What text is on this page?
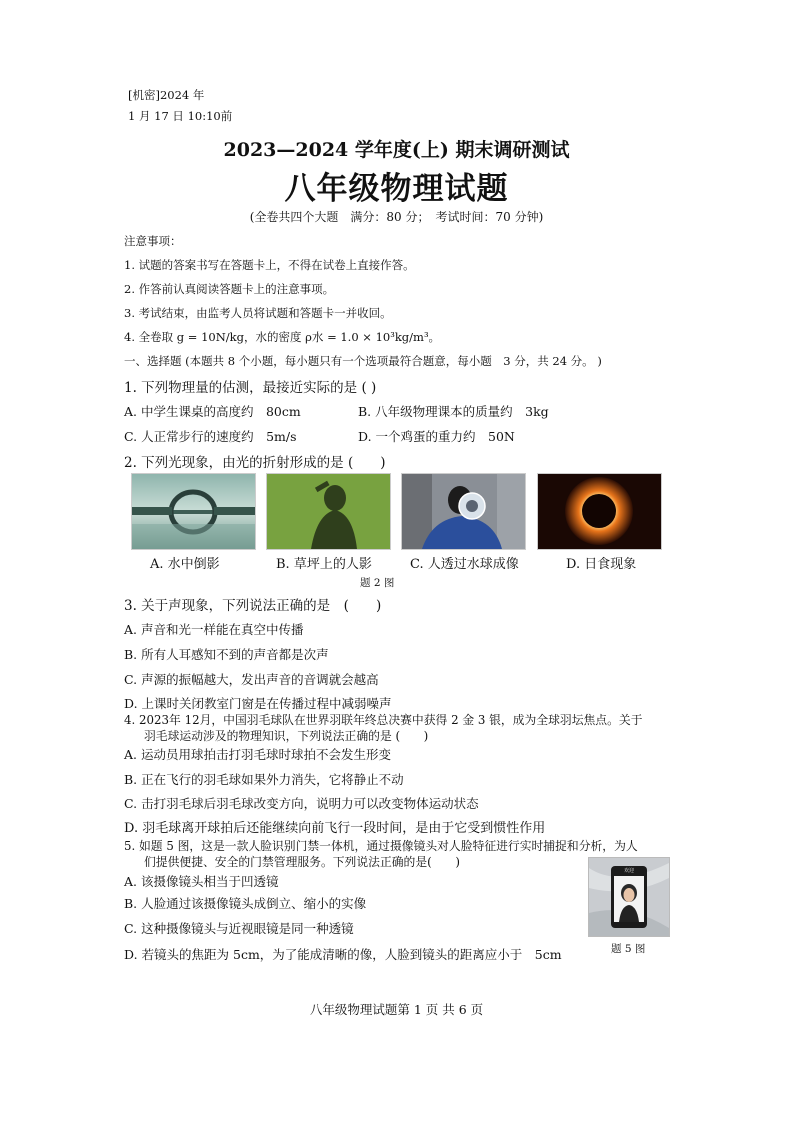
[机密]2024 年
1 月 17 日 10:10前
2023—2024 学年度(上) 期末调研测试
八年级物理试题
(全卷共四个大题　满分：80 分；　考试时间：70 分钟)
注意事项：
1. 试题的答案书写在答题卡上，不得在试卷上直接作答。
2. 作答前认真阅读答题卡上的注意事项。
3. 考试结束，由监考人员将试题和答题卡一并收回。
4. 全卷取 g = 10N/kg，水的密度 ρ水 = 1.0 × 10³kg/m³。
一、选择题 (本题共 8 个小题，每小题只有一个选项最符合题意，每小题　3 分，共 24 分。 )
1. 下列物理量的估测，最接近实际的是 ( )
A. 中学生课桌的高度约　80cm	B. 八年级物理课本的质量约　3kg
C. 人正常步行的速度约　5m/s	D. 一个鸡蛋的重力约　50N
2. 下列光现象，由光的折射形成的是 (　　)
A. 水中倒影	B. 草坪上的人影	C. 人透过水球成像	D. 日食现象
题 2 图
3. 关于声现象，下列说法正确的是　(　　)
A. 声音和光一样能在真空中传播
B. 所有人耳感知不到的声音都是次声
C. 声源的振幅越大，发出声音的音调就会越高
D. 上课时关闭教室门窗是在传播过程中减弱噪声
4. 2023年 12月，中国羽毛球队在世界羽联年终总决赛中获得 2 金 3 银，成为全球羽坛焦点。关于
羽毛球运动涉及的物理知识，下列说法正确的是 (　　)
A. 运动员用球拍击打羽毛球时球拍不会发生形变
B. 正在飞行的羽毛球如果外力消失，它将静止不动
C. 击打羽毛球后羽毛球改变方向，说明力可以改变物体运动状态
D. 羽毛球离开球拍后还能继续向前飞行一段时间，是由于它受到惯性作用
5. 如题 5 图，这是一款人脸识别门禁一体机，通过摄像镜头对人脸特征进行实时捕捉和分析，为人
们提供便捷、安全的门禁管理服务。下列说法正确的是(　　)
A. 该摄像镜头相当于凹透镜
B. 人脸通过该摄像镜头成倒立、缩小的实像
C. 这种摄像镜头与近视眼镜是同一种透镜
D. 若镜头的焦距为 5cm，为了能成清晰的像，人脸到镜头的距离应小于　5cm
欢迎
题 5 图
八年级物理试题第 1 页 共 6 页
